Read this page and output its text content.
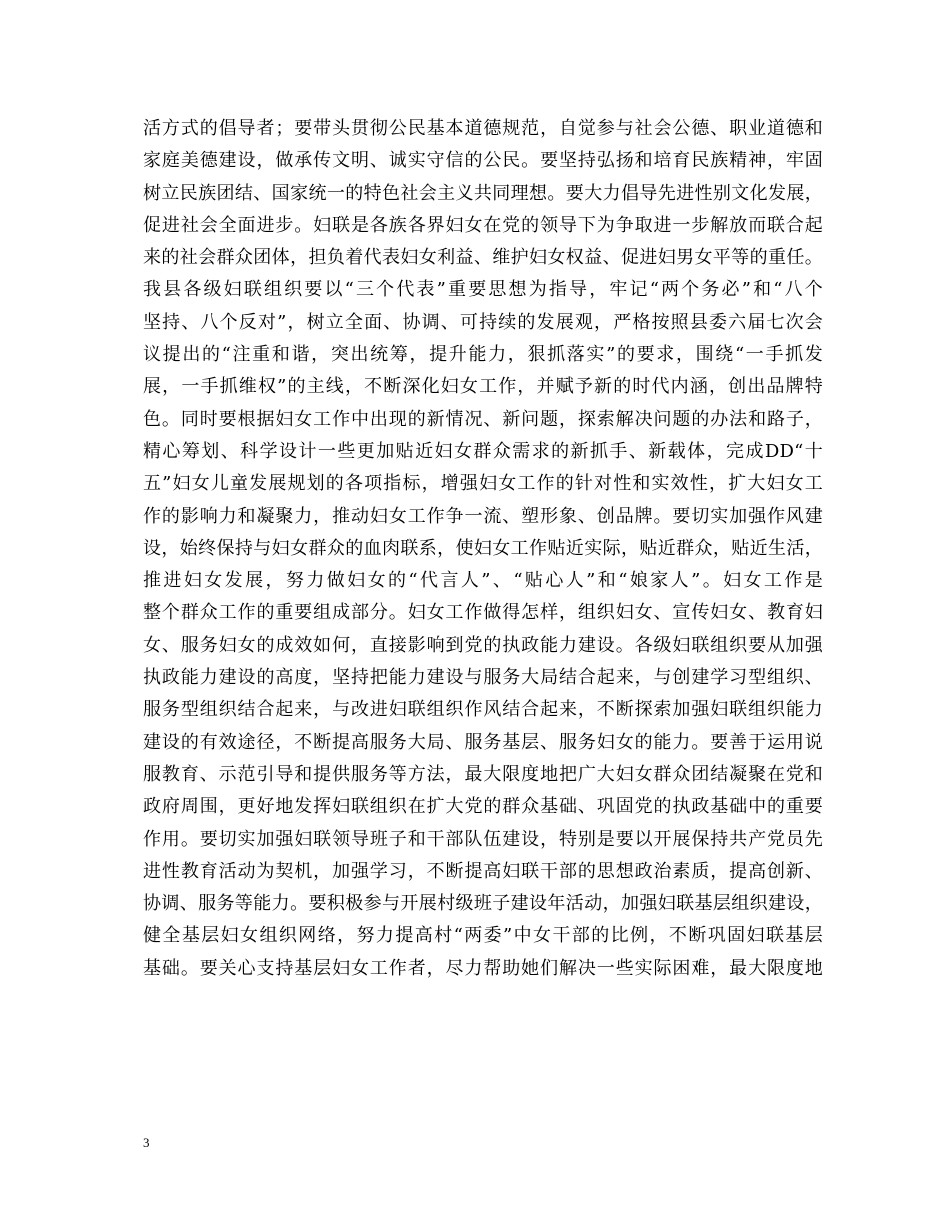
活方式的倡导者；要带头贯彻公民基本道德规范，自觉参与社会公德、职业道德和
家庭美德建设，做承传文明、诚实守信的公民。要坚持弘扬和培育民族精神，牢固
树立民族团结、国家统一的特色社会主义共同理想。要大力倡导先进性别文化发展，
促进社会全面进步。妇联是各族各界妇女在党的领导下为争取进一步解放而联合起
来的社会群众团体，担负着代表妇女利益、维护妇女权益、促进妇男女平等的重任。
我县各级妇联组织要以“三个代表”重要思想为指导，牢记“两个务必”和“八个
坚持、八个反对”，树立全面、协调、可持续的发展观，严格按照县委六届七次会
议提出的“注重和谐，突出统筹，提升能力，狠抓落实”的要求，围绕“一手抓发
展，一手抓维权”的主线，不断深化妇女工作，并赋予新的时代内涵，创出品牌特
色。同时要根据妇女工作中出现的新情况、新问题，探索解决问题的办法和路子，
精心筹划、科学设计一些更加贴近妇女群众需求的新抓手、新载体，完成DD“十
五”妇女儿童发展规划的各项指标，增强妇女工作的针对性和实效性，扩大妇女工
作的影响力和凝聚力，推动妇女工作争一流、塑形象、创品牌。要切实加强作风建
设，始终保持与妇女群众的血肉联系，使妇女工作贴近实际，贴近群众，贴近生活，
推进妇女发展，努力做妇女的“代言人”、“贴心人”和“娘家人”。妇女工作是
整个群众工作的重要组成部分。妇女工作做得怎样，组织妇女、宣传妇女、教育妇
女、服务妇女的成效如何，直接影响到党的执政能力建设。各级妇联组织要从加强
执政能力建设的高度，坚持把能力建设与服务大局结合起来，与创建学习型组织、
服务型组织结合起来，与改进妇联组织作风结合起来，不断探索加强妇联组织能力
建设的有效途径，不断提高服务大局、服务基层、服务妇女的能力。要善于运用说
服教育、示范引导和提供服务等方法，最大限度地把广大妇女群众团结凝聚在党和
政府周围，更好地发挥妇联组织在扩大党的群众基础、巩固党的执政基础中的重要
作用。要切实加强妇联领导班子和干部队伍建设，特别是要以开展保持共产党员先
进性教育活动为契机，加强学习，不断提高妇联干部的思想政治素质，提高创新、
协调、服务等能力。要积极参与开展村级班子建设年活动，加强妇联基层组织建设，
健全基层妇女组织网络，努力提高村“两委”中女干部的比例，不断巩固妇联基层
基础。要关心支持基层妇女工作者，尽力帮助她们解决一些实际困难，最大限度地
3
